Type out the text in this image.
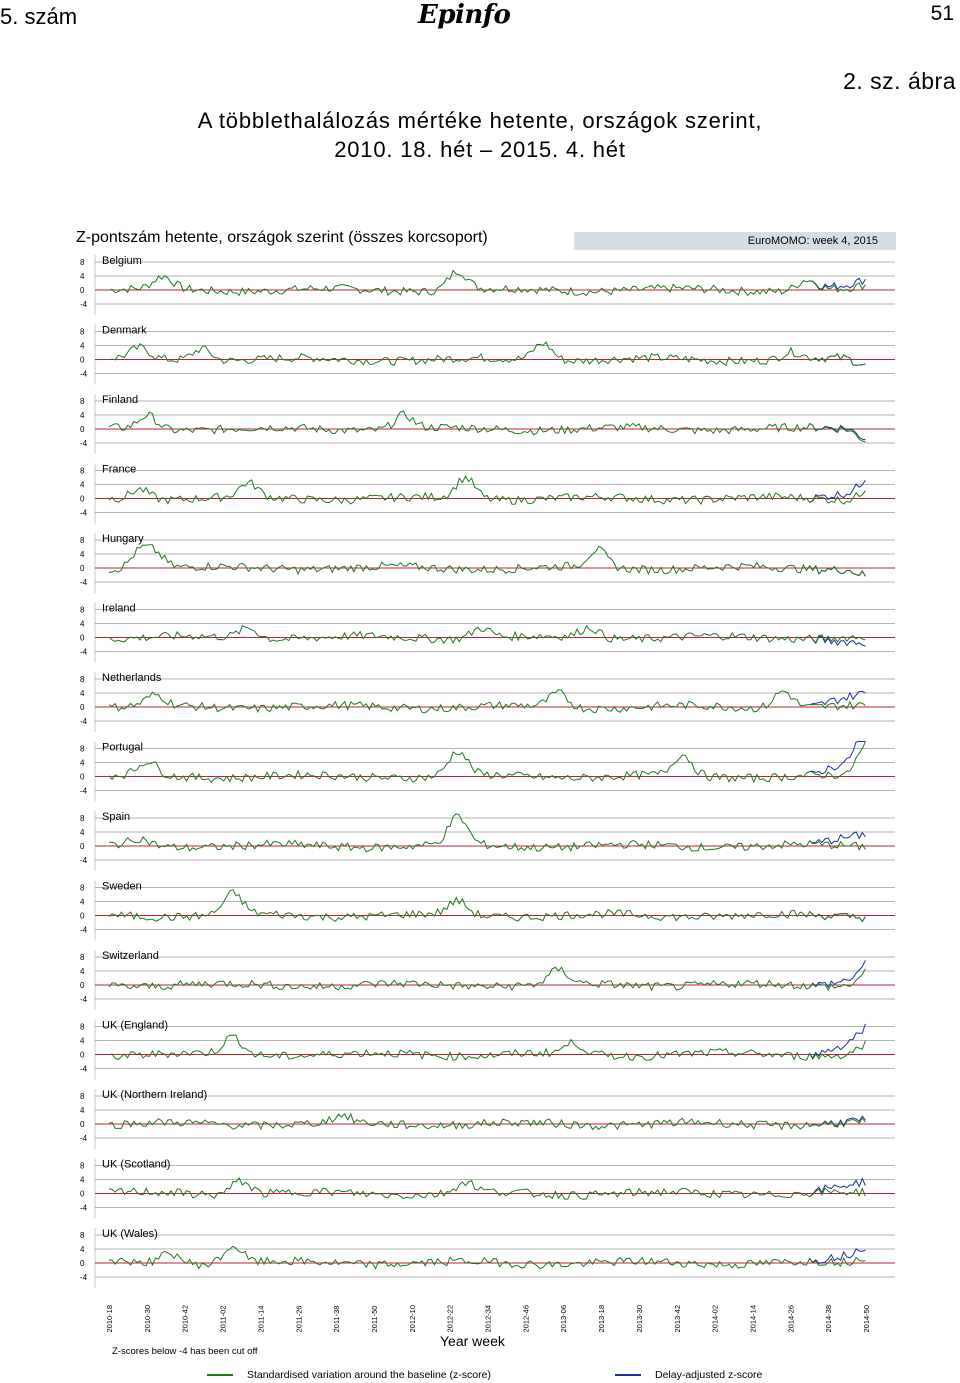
5. szám	Epinfo	51
2. sz. ábra
A többlethalálozás mértéke hetente, országok szerint,
2010. 18. hét – 2015. 4. hét
Z-pontszám hetente, országok szerint (összes korcsoport)	EuroMOMO: week 4, 2015
8
4
0
-4
Belgium
8
4
0
-4
Denmark
8
4
0
-4
Finland
8
4
0
-4
France
8
4
0
-4
Hungary
8
4
0
-4
Ireland
8
4
0
-4
Netherlands
8
4
0
-4
Portugal
8
4
0
-4
Spain
8
4
0
-4
Sweden
8
4
0
-4
Switzerland
8
4
0
-4
UK (England)
8
4
0
-4
UK (Northern Ireland)
8
4
0
-4
UK (Scotland)
8
4
0
-4
UK (Wales)
2010-18	2010-30	2010-42	2011-02	2011-14	2011-26	2011-38	2011-50	2012-10	2012-22	2012-34	2012-46	2013-06	2013-18	2013-30	2013-42	2014-02	2014-14	2014-26	2014-38	2014-50
Year week
Z-scores below -4 has been cut off
Standardised variation around the baseline (z-score)	Delay-adjusted z-score
